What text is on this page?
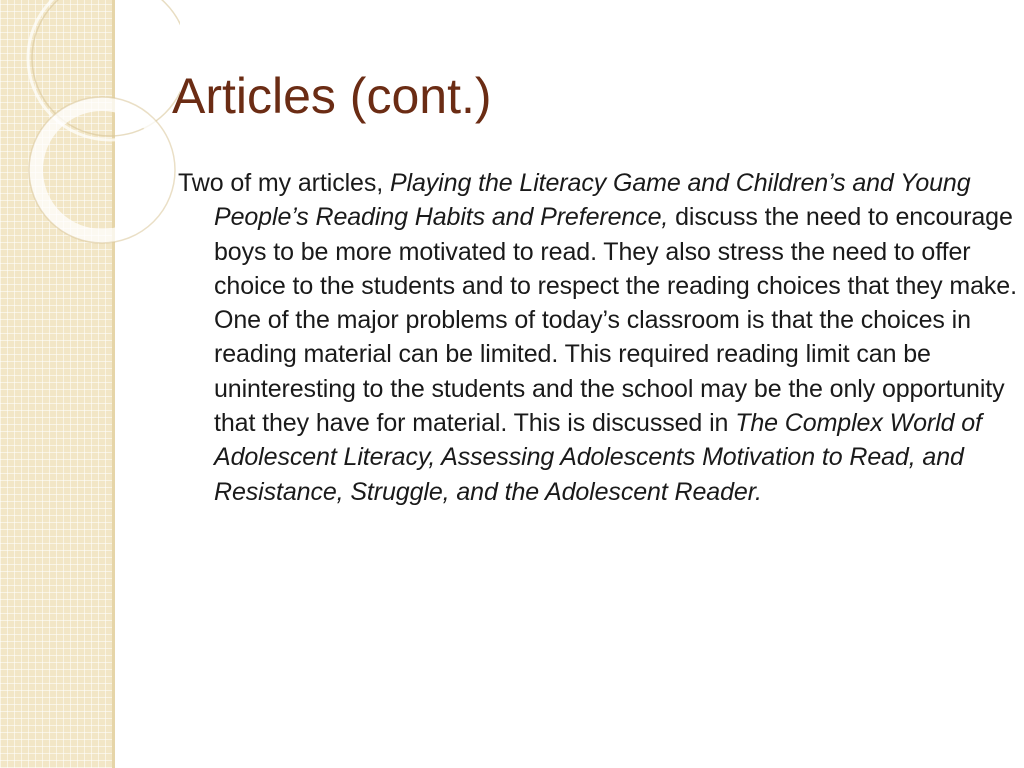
Articles (cont.)

Two of my articles, Playing the Literacy Game and Children’s and Young People’s Reading Habits and Preference, discuss the need to encourage boys to be more motivated to read. They also stress the need to offer choice to the students and to respect the reading choices that they make. One of the major problems of today’s classroom is that the choices in reading material can be limited. This required reading limit can be uninteresting to the students and the school may be the only opportunity that they have for material. This is discussed in The Complex World of Adolescent Literacy, Assessing Adolescents Motivation to Read, and Resistance, Struggle, and the Adolescent Reader.
